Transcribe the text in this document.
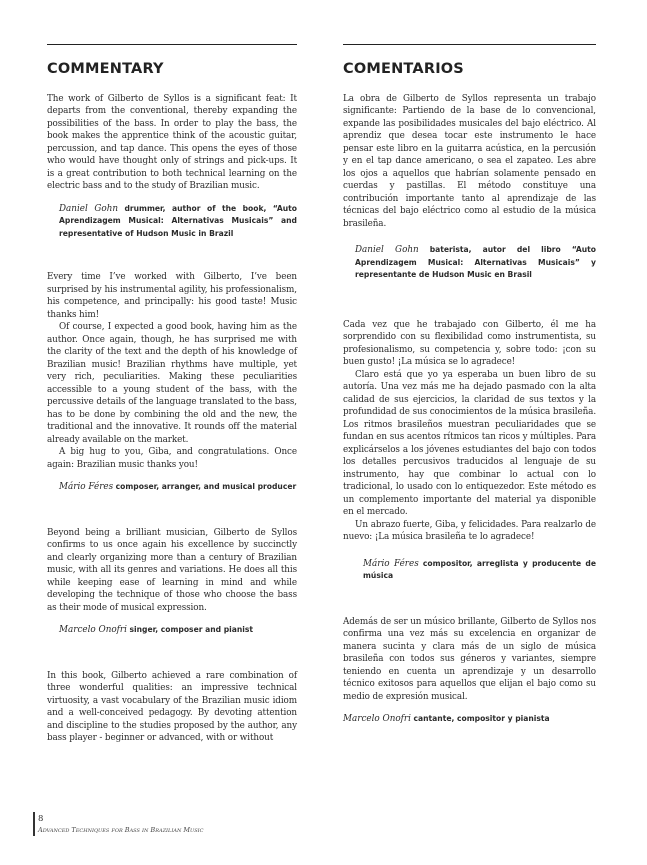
COMMENTARY

The work of Gilberto de Syllos is a significant feat: It departs from the conventional, thereby expanding the possibilities of the bass. In order to play the bass, the book makes the apprentice think of the acoustic guitar, percussion, and tap dance. This opens the eyes of those who would have thought only of strings and pick-ups. It is a great contribution to both technical learning on the electric bass and to the study of Brazilian music.

Daniel Gohn drummer, author of the book, “Auto Aprendizagem Musical: Alternativas Musicais” and representative of Hudson Music in Brazil

Every time I’ve worked with Gilberto, I’ve been surprised by his instrumental agility, his professionalism, his competence, and principally: his good taste! Music thanks him!

Of course, I expected a good book, having him as the author. Once again, though, he has surprised me with the clarity of the text and the depth of his knowledge of Brazilian music! Brazilian rhythms have multiple, yet very rich, peculiarities. Making these peculiarities accessible to a young student of the bass, with the percussive details of the language translated to the bass, has to be done by combining the old and the new, the traditional and the innovative. It rounds off the material already available on the market.

A big hug to you, Giba, and congratulations. Once again: Brazilian music thanks you!

Mário Féres composer, arranger, and musical producer

Beyond being a brilliant musician, Gilberto de Syllos confirms to us once again his excellence by succinctly and clearly organizing more than a century of Brazilian music, with all its genres and variations. He does all this while keeping ease of learning in mind and while developing the technique of those who choose the bass as their mode of musical expression.

Marcelo Onofri singer, composer and pianist

In this book, Gilberto achieved a rare combination of three wonderful qualities: an impressive technical virtuosity, a vast vocabulary of the Brazilian music idiom and a well-conceived pedagogy. By devoting attention and discipline to the studies proposed by the author, any bass player - beginner or advanced, with or without

COMENTARIOS

La obra de Gilberto de Syllos representa un trabajo significante: Partiendo de la base de lo convencional, expande las posibilidades musicales del bajo eléctrico. Al aprendiz que desea tocar este instrumento le hace pensar este libro en la guitarra acústica, en la percusión y en el tap dance americano, o sea el zapateo. Les abre los ojos a aquellos que habrían solamente pensado en cuerdas y pastillas. El método constituye una contribución importante tanto al aprendizaje de las técnicas del bajo eléctrico como al estudio de la música brasileña.

Daniel Gohn baterista, autor del libro “Auto Aprendizagem Musical: Alternativas Musicais” y representante de Hudson Music en Brasil

Cada vez que he trabajado con Gilberto, él me ha sorprendido con su flexibilidad como instrumentista, su profesionalismo, su competencia y, sobre todo: ¡con su buen gusto! ¡La música se lo agradece!

Claro está que yo ya esperaba un buen libro de su autoría. Una vez más me ha dejado pasmado con la alta calidad de sus ejercicios, la claridad de sus textos y la profundidad de sus conocimientos de la música brasileña. Los ritmos brasileños muestran peculiaridades que se fundan en sus acentos rítmicos tan ricos y múltiples. Para explicárselos a los jóvenes estudiantes del bajo con todos los detalles percusivos traducidos al lenguaje de su instrumento, hay que combinar lo actual con lo tradicional, lo usado con lo entiquezedor. Este método es un complemento importante del material ya disponible en el mercado.

Un abrazo fuerte, Giba, y felicidades. Para realzarlo de nuevo: ¡La música brasileña te lo agradece!

Mário Féres compositor, arreglista y producente de música

Además de ser un músico brillante, Gilberto de Syllos nos confirma una vez más su excelencia en organizar de manera sucinta y clara más de un siglo de música brasileña con todos sus géneros y variantes, siempre teniendo en cuenta un aprendizaje y un desarrollo técnico exitosos para aquellos que elijan el bajo como su medio de expresión musical.

Marcelo Onofri cantante, compositor y pianista

8
Advanced Techniques for Bass in Brazilian Music
